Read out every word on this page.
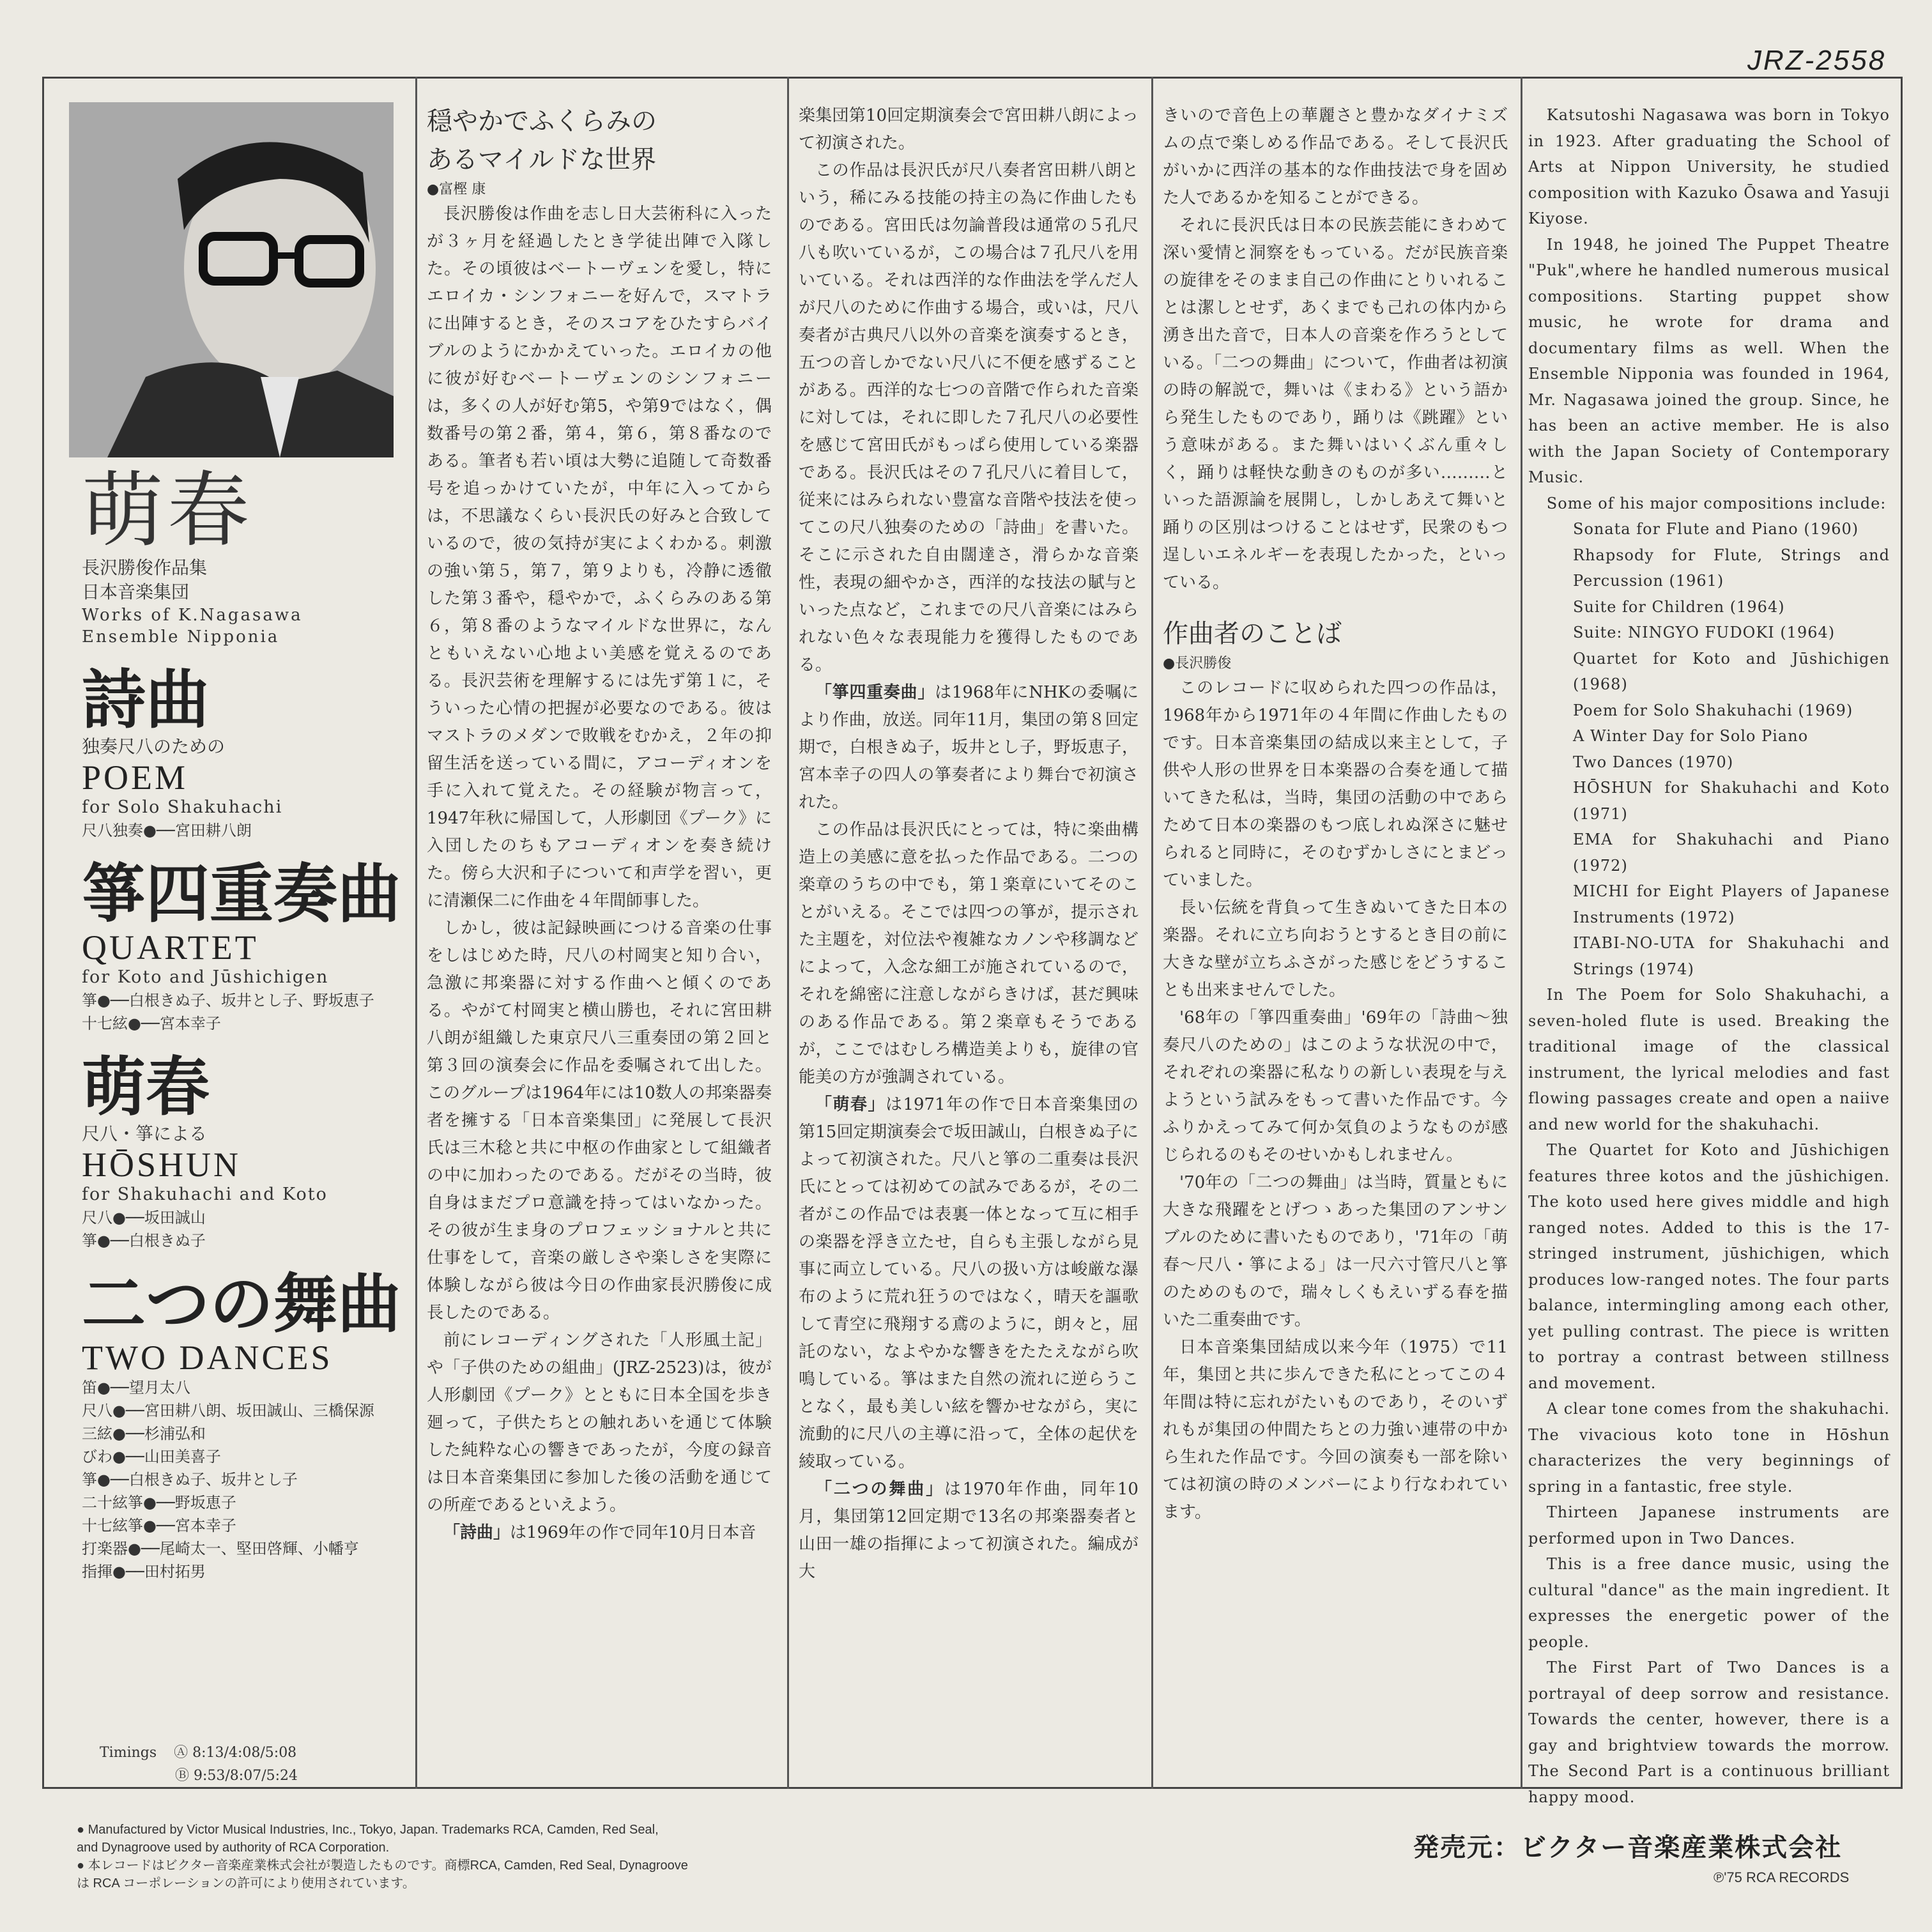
JRZ-2558
萌春
長沢勝俊作品集
日本音楽集団
Works of K.Nagasawa
Ensemble Nipponia
詩曲
独奏尺八のための
POEM
for Solo Shakuhachi
尺八独奏●──宮田耕八朗
箏四重奏曲
QUARTET
for Koto and Jūshichigen
箏●──白根きぬ子、坂井とし子、野坂恵子
十七絃●──宮本幸子
萌春
尺八・箏による
HŌSHUN
for Shakuhachi and Koto
尺八●──坂田誠山
箏●──白根きぬ子
二つの舞曲
TWO DANCES
笛●──望月太八
尺八●──宮田耕八朗、坂田誠山、三橋保源
三絃●──杉浦弘和
びわ●──山田美喜子
箏●──白根きぬ子、坂井とし子
二十絃箏●──野坂恵子
十七絃箏●──宮本幸子
打楽器●──尾崎太一、堅田啓輝、小幡亨
指揮●──田村拓男
Timings Ⓐ 8:13/4:08/5:08
Ⓑ 9:53/8:07/5:24

穏やかでふくらみの

あるマイルドな世界

●富樫 康

長沢勝俊は作曲を志し日大芸術科に入ったが３ヶ月を経過したとき学徒出陣で入隊した。その頃彼はベートーヴェンを愛し，特にエロイカ・シンフォニーを好んで，スマトラに出陣するとき，そのスコアをひたすらバイブルのようにかかえていった。エロイカの他に彼が好むベートーヴェンのシンフォニーは，多くの人が好む第5，や第9ではなく，偶数番号の第２番，第４，第６，第８番なのである。筆者も若い頃は大勢に追随して奇数番号を追っかけていたが，中年に入ってからは，不思議なくらい長沢氏の好みと合致しているので，彼の気持が実によくわかる。刺激の強い第５，第７，第９よりも，冷静に透徹した第３番や，穏やかで，ふくらみのある第６，第８番のようなマイルドな世界に，なんともいえない心地よい美感を覚えるのである。長沢芸術を理解するには先ず第１に，そういった心情の把握が必要なのである。彼はマストラのメダンで敗戦をむかえ，２年の抑留生活を送っている間に，アコーディオンを手に入れて覚えた。その経験が物言って，1947年秋に帰国して，人形劇団《プーク》に入団したのちもアコーディオンを奏き続けた。傍ら大沢和子について和声学を習い，更に清瀬保二に作曲を４年間師事した。

しかし，彼は記録映画につける音楽の仕事をしはじめた時，尺八の村岡実と知り合い，急激に邦楽器に対する作曲へと傾くのである。やがて村岡実と横山勝也，それに宮田耕八朗が組織した東京尺八三重奏団の第２回と第３回の演奏会に作品を委嘱されて出した。このグループは1964年には10数人の邦楽器奏者を擁する「日本音楽集団」に発展して長沢氏は三木稔と共に中枢の作曲家として組織者の中に加わったのである。だがその当時，彼自身はまだプロ意識を持ってはいなかった。その彼が生ま身のプロフェッショナルと共に仕事をして，音楽の厳しさや楽しさを実際に体験しながら彼は今日の作曲家長沢勝俊に成長したのである。

前にレコーディングされた「人形風土記」や「子供のための組曲」(JRZ-2523)は，彼が人形劇団《プーク》とともに日本全国を歩き廻って，子供たちとの触れあいを通じて体験した純粋な心の響きであったが，今度の録音は日本音楽集団に参加した後の活動を通じての所産であるといえよう。

「詩曲」は1969年の作で同年10月日本音

楽集団第10回定期演奏会で宮田耕八朗によって初演された。

この作品は長沢氏が尺八奏者宮田耕八朗という，稀にみる技能の持主の為に作曲したものである。宮田氏は勿論普段は通常の５孔尺八も吹いているが，この場合は７孔尺八を用いている。それは西洋的な作曲法を学んだ人が尺八のために作曲する場合，或いは，尺八奏者が古典尺八以外の音楽を演奏するとき，五つの音しかでない尺八に不便を感ずることがある。西洋的な七つの音階で作られた音楽に対しては，それに即した７孔尺八の必要性を感じて宮田氏がもっぱら使用している楽器である。長沢氏はその７孔尺八に着目して，従来にはみられない豊富な音階や技法を使ってこの尺八独奏のための「詩曲」を書いた。そこに示された自由闊達さ，滑らかな音楽性，表現の細やかさ，西洋的な技法の賦与といった点など，これまでの尺八音楽にはみられない色々な表現能力を獲得したものである。

「箏四重奏曲」は1968年にNHKの委嘱により作曲，放送。同年11月，集団の第８回定期で，白根きぬ子，坂井とし子，野坂恵子，宮本幸子の四人の箏奏者により舞台で初演された。

この作品は長沢氏にとっては，特に楽曲構造上の美感に意を払った作品である。二つの楽章のうちの中でも，第１楽章にいてそのことがいえる。そこでは四つの箏が，提示された主題を，対位法や複雑なカノンや移調などによって，入念な細工が施されているので，それを綿密に注意しながらきけば，甚だ興味のある作品である。第２楽章もそうであるが，ここではむしろ構造美よりも，旋律の官能美の方が強調されている。

「萌春」は1971年の作で日本音楽集団の第15回定期演奏会で坂田誠山，白根きぬ子によって初演された。尺八と箏の二重奏は長沢氏にとっては初めての試みであるが，その二者がこの作品では表裏一体となって互に相手の楽器を浮き立たせ，自らも主張しながら見事に両立している。尺八の扱い方は峻厳な瀑布のように荒れ狂うのではなく，晴天を謳歌して青空に飛翔する鳶のように，朗々と，屈託のない，なよやかな響きをたたえながら吹鳴している。箏はまた自然の流れに逆らうことなく，最も美しい絃を響かせながら，実に流動的に尺八の主導に沿って，全体の起伏を綾取っている。

「二つの舞曲」は1970年作曲，同年10月，集団第12回定期で13名の邦楽器奏者と山田一雄の指揮によって初演された。編成が大

きいので音色上の華麗さと豊かなダイナミズムの点で楽しめる作品である。そして長沢氏がいかに西洋の基本的な作曲技法で身を固めた人であるかを知ることができる。

それに長沢氏は日本の民族芸能にきわめて深い愛情と洞察をもっている。だが民族音楽の旋律をそのまま自己の作曲にとりいれることは潔しとせず，あくまでも己れの体内から湧き出た音で，日本人の音楽を作ろうとしている。「二つの舞曲」について，作曲者は初演の時の解説で，舞いは《まわる》という語から発生したものであり，踊りは《跳躍》という意味がある。また舞いはいくぶん重々しく，踊りは軽快な動きのものが多い………といった語源論を展開し，しかしあえて舞いと踊りの区別はつけることはせず，民衆のもつ逞しいエネルギーを表現したかった，といっている。

作曲者のことば

●長沢勝俊

このレコードに収められた四つの作品は，1968年から1971年の４年間に作曲したものです。日本音楽集団の結成以来主として，子供や人形の世界を日本楽器の合奏を通して描いてきた私は，当時，集団の活動の中であらためて日本の楽器のもつ底しれぬ深さに魅せられると同時に，そのむずかしさにとまどっていました。

長い伝統を背負って生きぬいてきた日本の楽器。それに立ち向おうとするとき目の前に大きな壁が立ちふさがった感じをどうすることも出来ませんでした。

'68年の「箏四重奏曲」'69年の「詩曲〜独奏尺八のための」はこのような状況の中で，それぞれの楽器に私なりの新しい表現を与えようという試みをもって書いた作品です。今ふりかえってみて何か気負のようなものが感じられるのもそのせいかもしれません。

'70年の「二つの舞曲」は当時，質量ともに大きな飛躍をとげつゝあった集団のアンサンブルのために書いたものであり，'71年の「萌春〜尺八・箏による」は一尺六寸管尺八と箏のためのもので，瑞々しくもえいずる春を描いた二重奏曲です。

日本音楽集団結成以来今年（1975）で11年，集団と共に歩んできた私にとってこの４年間は特に忘れがたいものであり，そのいずれもが集団の仲間たちとの力強い連帯の中から生れた作品です。今回の演奏も一部を除いては初演の時のメンバーにより行なわれています。

Katsutoshi Nagasawa was born in Tokyo in 1923. After graduating the School of Arts at Nippon University, he studied composition with Kazuko Ōsawa and Yasuji Kiyose.

In 1948, he joined The Puppet Theatre "Puk",where he handled numerous musical compositions. Starting puppet show music, he wrote for drama and documentary films as well. When the Ensemble Nipponia was founded in 1964, Mr. Nagasawa joined the group. Since, he has been an active member. He is also with the Japan Society of Contemporary Music.

Some of his major compositions include:

Sonata for Flute and Piano (1960)
Rhapsody for Flute, Strings and Percussion (1961)
Suite for Children (1964)
Suite: NINGYO FUDOKI (1964)
Quartet for Koto and Jūshichigen (1968)
Poem for Solo Shakuhachi (1969)
A Winter Day for Solo Piano
Two Dances (1970)
HŌSHUN for Shakuhachi and Koto (1971)
EMA for Shakuhachi and Piano (1972)
MICHI for Eight Players of Japanese Instruments (1972)
ITABI-NO-UTA for Shakuhachi and Strings (1974)

In The Poem for Solo Shakuhachi, a seven-holed flute is used. Breaking the traditional image of the classical instrument, the lyrical melodies and fast flowing passages create and open a naiive and new world for the shakuhachi.

The Quartet for Koto and Jūshichigen features three kotos and the jūshichigen. The koto used here gives middle and high ranged notes. Added to this is the 17-stringed instrument, jūshichigen, which produces low-ranged notes. The four parts balance, intermingling among each other, yet pulling contrast. The piece is written to portray a contrast between stillness and movement.

A clear tone comes from the shakuhachi. The vivacious koto tone in Hōshun characterizes the very beginnings of spring in a fantastic, free style.

Thirteen Japanese instruments are performed upon in Two Dances.

This is a free dance music, using the cultural "dance" as the main ingredient. It expresses the energetic power of the people.

The First Part of Two Dances is a portrayal of deep sorrow and resistance. Towards the center, however, there is a gay and brightview towards the morrow. The Second Part is a continuous brilliant happy mood.

● Manufactured by Victor Musical Industries, Inc., Tokyo, Japan. Trademarks RCA, Camden, Red Seal,
and Dynagroove used by authority of RCA Corporation.
● 本レコードはビクター音楽産業株式会社が製造したものです。商標RCA, Camden, Red Seal, Dynagroove
は RCA コーポレーションの許可により使用されています。
発売元：ビクター音楽産業株式会社
℗'75 RCA RECORDS
